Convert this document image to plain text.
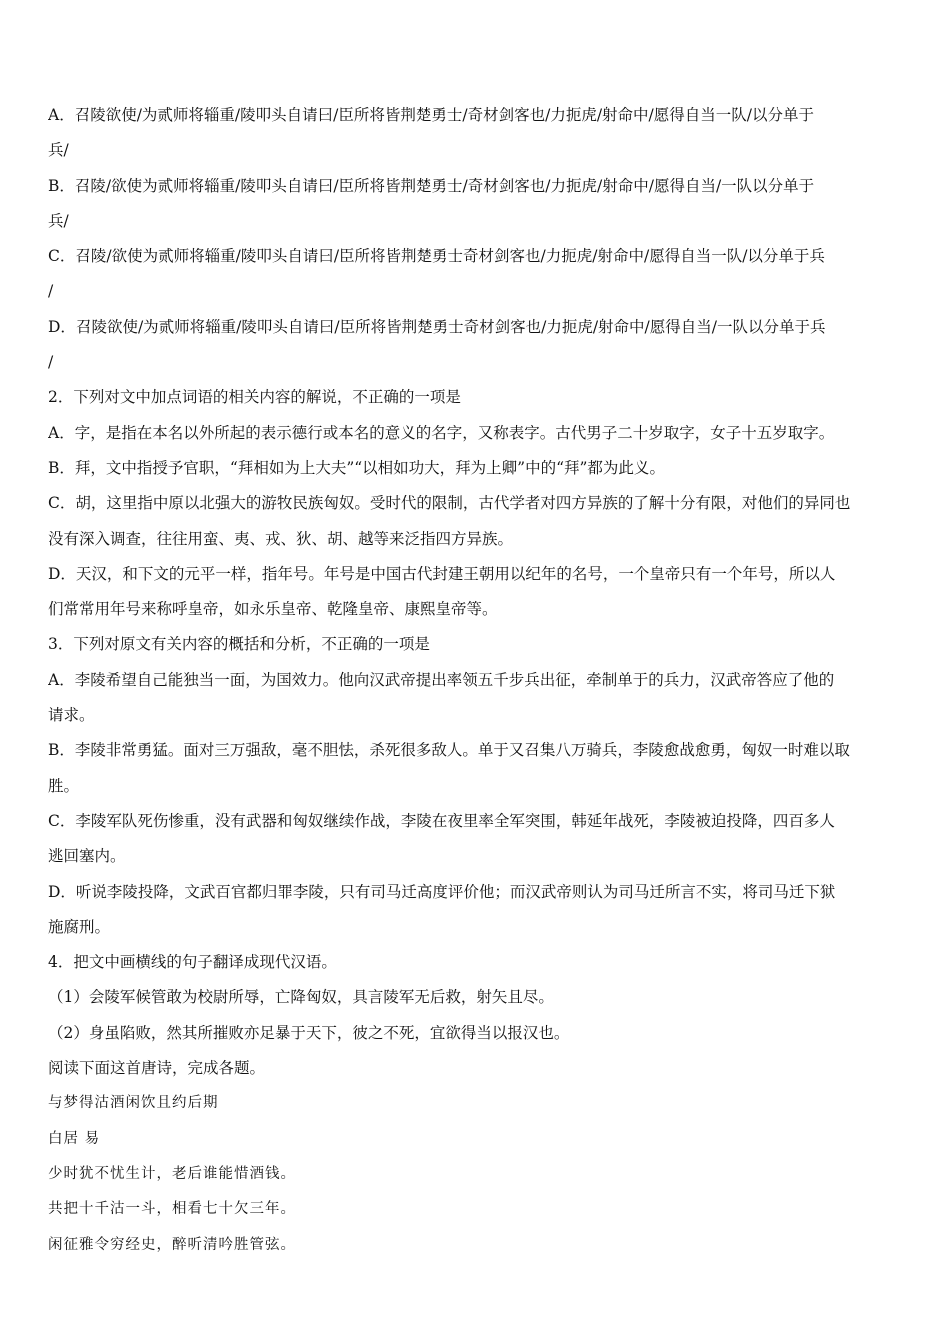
A．召陵欲使/为贰师将辎重/陵叩头自请曰/臣所将皆荆楚勇士/奇材剑客也/力扼虎/射命中/愿得自当一队/以分单于
兵/
B．召陵/欲使为贰师将辎重/陵叩头自请曰/臣所将皆荆楚勇士/奇材剑客也/力扼虎/射命中/愿得自当/一队以分单于
兵/
C．召陵/欲使为贰师将辎重/陵叩头自请曰/臣所将皆荆楚勇士奇材剑客也/力扼虎/射命中/愿得自当一队/以分单于兵
/
D．召陵欲使/为贰师将辎重/陵叩头自请曰/臣所将皆荆楚勇士奇材剑客也/力扼虎/射命中/愿得自当/一队以分单于兵
/
2．下列对文中加点词语的相关内容的解说，不正确的一项是
A．字，是指在本名以外所起的表示德行或本名的意义的名字，又称表字。古代男子二十岁取字，女子十五岁取字。
B．拜，文中指授予官职，“拜相如为上大夫”“以相如功大，拜为上卿”中的“拜”都为此义。
C．胡，这里指中原以北强大的游牧民族匈奴。受时代的限制，古代学者对四方异族的了解十分有限，对他们的异同也
没有深入调查，往往用蛮、夷、戎、狄、胡、越等来泛指四方异族。
D．天汉，和下文的元平一样，指年号。年号是中国古代封建王朝用以纪年的名号，一个皇帝只有一个年号，所以人
们常常用年号来称呼皇帝，如永乐皇帝、乾隆皇帝、康熙皇帝等。
3．下列对原文有关内容的概括和分析，不正确的一项是
A．李陵希望自己能独当一面，为国效力。他向汉武帝提出率领五千步兵出征，牵制单于的兵力，汉武帝答应了他的
请求。
B．李陵非常勇猛。面对三万强敌，毫不胆怯，杀死很多敌人。单于又召集八万骑兵，李陵愈战愈勇，匈奴一时难以取
胜。
C．李陵军队死伤惨重，没有武器和匈奴继续作战，李陵在夜里率全军突围，韩延年战死，李陵被迫投降，四百多人
逃回塞内。
D．听说李陵投降，文武百官都归罪李陵，只有司马迁高度评价他；而汉武帝则认为司马迁所言不实，将司马迁下狱
施腐刑。
4．把文中画横线的句子翻译成现代汉语。
（1）会陵军候管敢为校尉所辱，亡降匈奴，具言陵军无后救，射矢且尽。
（2）身虽陷败，然其所摧败亦足暴于天下，彼之不死，宜欲得当以报汉也。
阅读下面这首唐诗，完成各题。
与梦得沽酒闲饮且约后期
白居 易
少时犹不忧生计，老后谁能惜酒钱。
共把十千沽一斗，相看七十欠三年。
闲征雅令穷经史，醉听清吟胜管弦。
